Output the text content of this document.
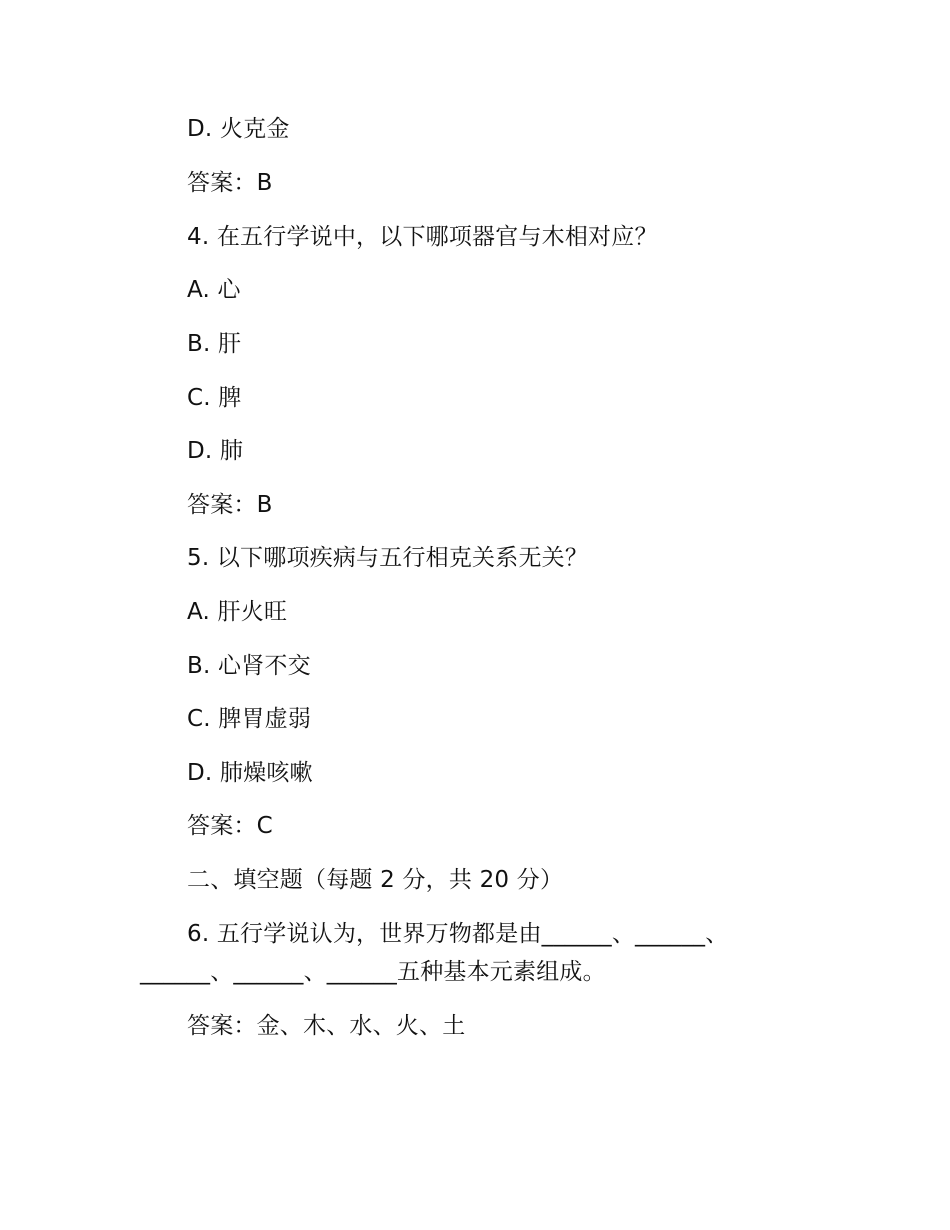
D. 火克金
答案：B
4. 在五行学说中，以下哪项器官与木相对应？
A. 心
B. 肝
C. 脾
D. 肺
答案：B
5. 以下哪项疾病与五行相克关系无关？
A. 肝火旺
B. 心肾不交
C. 脾胃虚弱
D. 肺燥咳嗽
答案：C
二、填空题（每题 2 分，共 20 分）
6. 五行学说认为，世界万物都是由______、______、______、______、______五种基本元素组成。
答案：金、木、水、火、土
